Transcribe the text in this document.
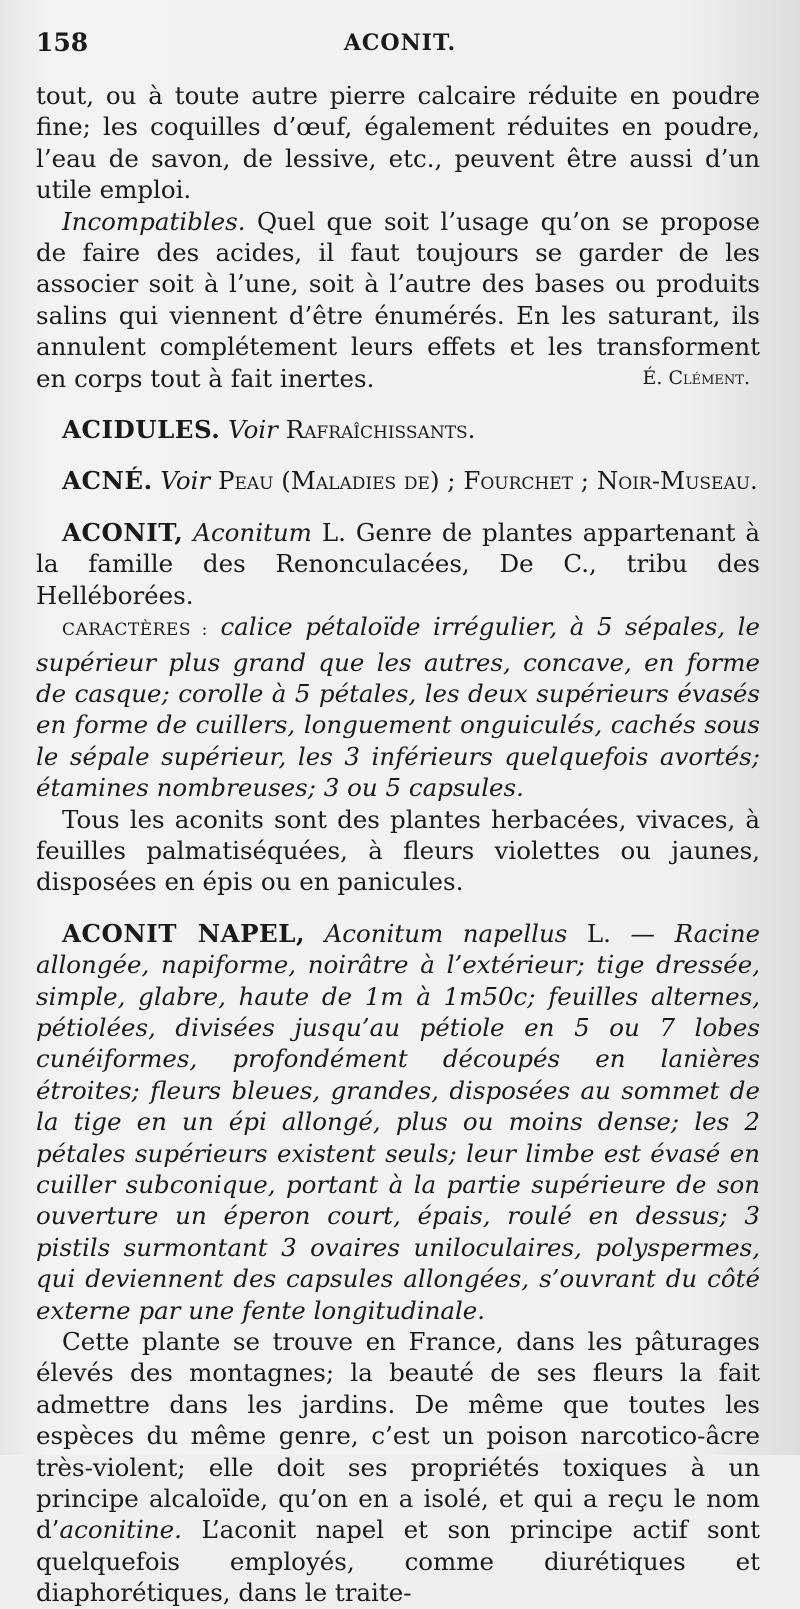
158	ACONIT.

tout, ou à toute autre pierre calcaire réduite en poudre fine; les coquilles d’œuf, également réduites en poudre, l’eau de savon, de lessive, etc., peuvent être aussi d’un utile emploi.

Incompatibles. Quel que soit l’usage qu’on se propose de faire des acides, il faut toujours se garder de les associer soit à l’une, soit à l’autre des bases ou produits salins qui viennent d’être énumérés. En les saturant, ils annulent complétement leurs effets et les transforment en corps tout à fait inertes.	É. Clément.

ACIDULES. Voir Rafraîchissants.

ACNÉ. Voir Peau (Maladies de) ; Fourchet ; Noir-Museau.

ACONIT, Aconitum L. Genre de plantes appartenant à la famille des Renonculacées, De C., tribu des Helléborées.

CARACTÈRES : calice pétaloïde irrégulier, à 5 sépales, le supérieur plus grand que les autres, concave, en forme de casque; corolle à 5 pétales, les deux supérieurs évasés en forme de cuillers, longuement onguiculés, cachés sous le sépale supérieur, les 3 inférieurs quelquefois avortés; étamines nombreuses; 3 ou 5 capsules.

Tous les aconits sont des plantes herbacées, vivaces, à feuilles palmatiséquées, à fleurs violettes ou jaunes, disposées en épis ou en panicules.

ACONIT NAPEL, Aconitum napellus L. — Racine allongée, napiforme, noirâtre à l’extérieur; tige dressée, simple, glabre, haute de 1m à 1m50c; feuilles alternes, pétiolées, divisées jusqu’au pétiole en 5 ou 7 lobes cunéiformes, profondément découpés en lanières étroites; fleurs bleues, grandes, disposées au sommet de la tige en un épi allongé, plus ou moins dense; les 2 pétales supérieurs existent seuls; leur limbe est évasé en cuiller subconique, portant à la partie supérieure de son ouverture un éperon court, épais, roulé en dessus; 3 pistils surmontant 3 ovaires uniloculaires, polyspermes, qui deviennent des capsules allongées, s’ouvrant du côté externe par une fente longitudinale.

Cette plante se trouve en France, dans les pâturages élevés des montagnes; la beauté de ses fleurs la fait admettre dans les jardins. De même que toutes les espèces du même genre, c’est un poison narcotico-âcre très-violent; elle doit ses propriétés toxiques à un principe alcaloïde, qu’on en a isolé, et qui a reçu le nom d’aconitine. L’aconit napel et son principe actif sont quelquefois employés, comme diurétiques et diaphorétiques, dans le traite-
